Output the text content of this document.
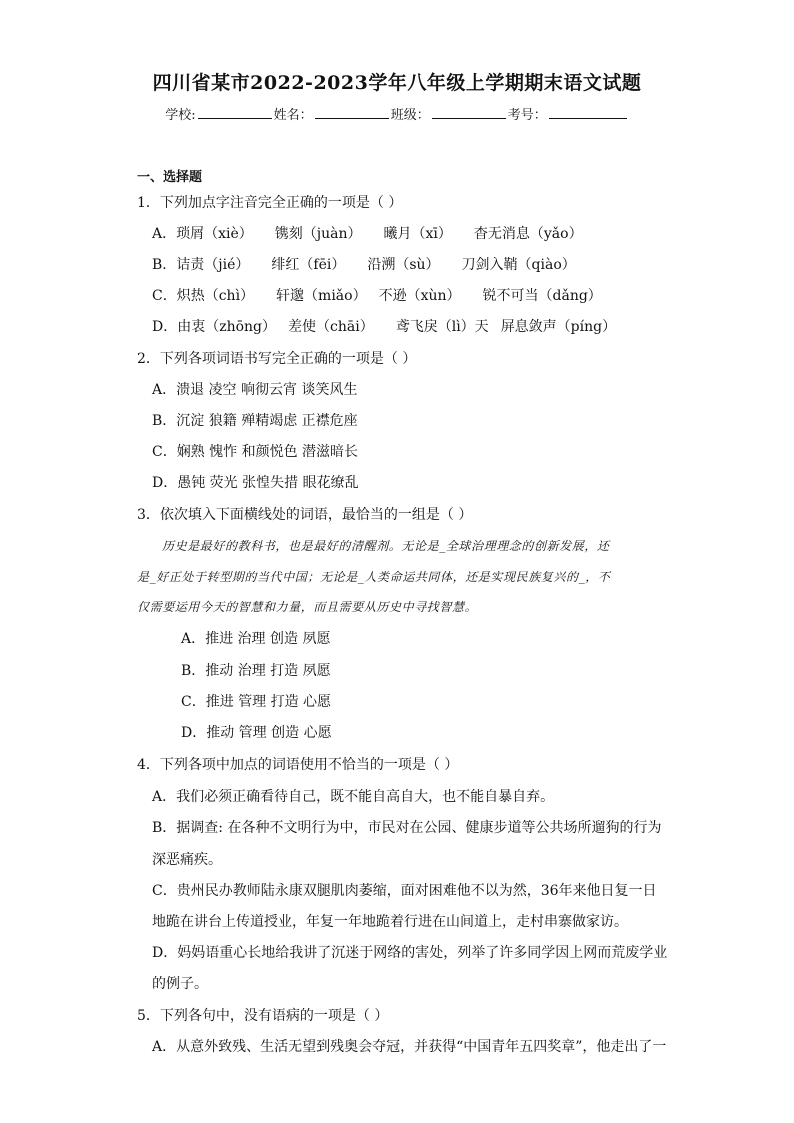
四川省某市2022-2023学年八年级上学期期末语文试题
学校:	姓名：	班级：	考号：
一、选择题
1．下列加点字注音完全正确的一项是（ ）
A．琐屑（xiè） 镌刻（juàn） 曦月（xī） 杳无消息（yǎo）
B．诘责（jié） 绯红（fēi） 沿溯（sù） 刀剑入鞘（qiào）
C．炽热（chì） 轩邈（miǎo） 不逊（xùn） 锐不可当（dǎng）
D．由衷（zhōng） 差使（chāi） 鸢飞戾（lì）天 屏息敛声（píng）
2．下列各项词语书写完全正确的一项是（ ）
A．溃退 凌空 响彻云宵 谈笑风生
B．沉淀 狼籍 殚精竭虑 正襟危座
C．娴熟 愧怍 和颜悦色 潜滋暗长
D．愚钝 荧光 张惶失措 眼花缭乱
3．依次填入下面横线处的词语，最恰当的一组是（ ）
历史是最好的教科书，也是最好的清醒剂。无论是_全球治理理念的创新发展，还
是_好正处于转型期的当代中国；无论是_人类命运共同体，还是实现民族复兴的_，不
仅需要运用今天的智慧和力量，而且需要从历史中寻找智慧。
A．推进 治理 创造 夙愿
B．推动 治理 打造 夙愿
C．推进 管理 打造 心愿
D．推动 管理 创造 心愿
4．下列各项中加点的词语使用不恰当的一项是（ ）
A．我们必须正确看待自己，既不能自高自大，也不能自暴自弃。
B．据调查: 在各种不文明行为中，市民对在公园、健康步道等公共场所遛狗的行为
深恶痛疾。
C．贵州民办教师陆永康双腿肌肉萎缩，面对困难他不以为然，36年来他日复一日
地跪在讲台上传道授业，年复一年地跪着行进在山间道上，走村串寨做家访。
D．妈妈语重心长地给我讲了沉迷于网络的害处，列举了许多同学因上网而荒废学业
的例子。
5．下列各句中，没有语病的一项是（ ）
A．从意外致残、生活无望到残奥会夺冠，并获得“中国青年五四奖章”，他走出了一
